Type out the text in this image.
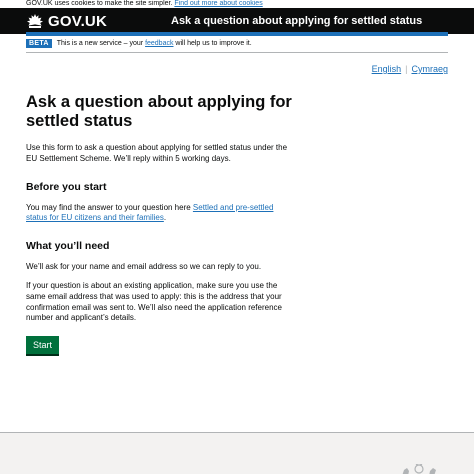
GOV.UK uses cookies to make the site simpler. Find out more about cookies
GOV.UK	Ask a question about applying for settled status
BETA	This is a new service – your feedback will help us to improve it.
English | Cymraeg
Ask a question about applying for settled status

Use this form to ask a question about applying for settled status under the EU Settlement Scheme. We’ll reply within 5 working days.

Before you start

You may find the answer to your question here Settled and pre-settled status for EU citizens and their families.

What you’ll need

We’ll ask for your name and email address so we can reply to you.

If your question is about an existing application, make sure you use the same email address that was used to apply: this is the address that your confirmation email was sent to. We’ll also need the application reference number and applicant’s details.

Start
